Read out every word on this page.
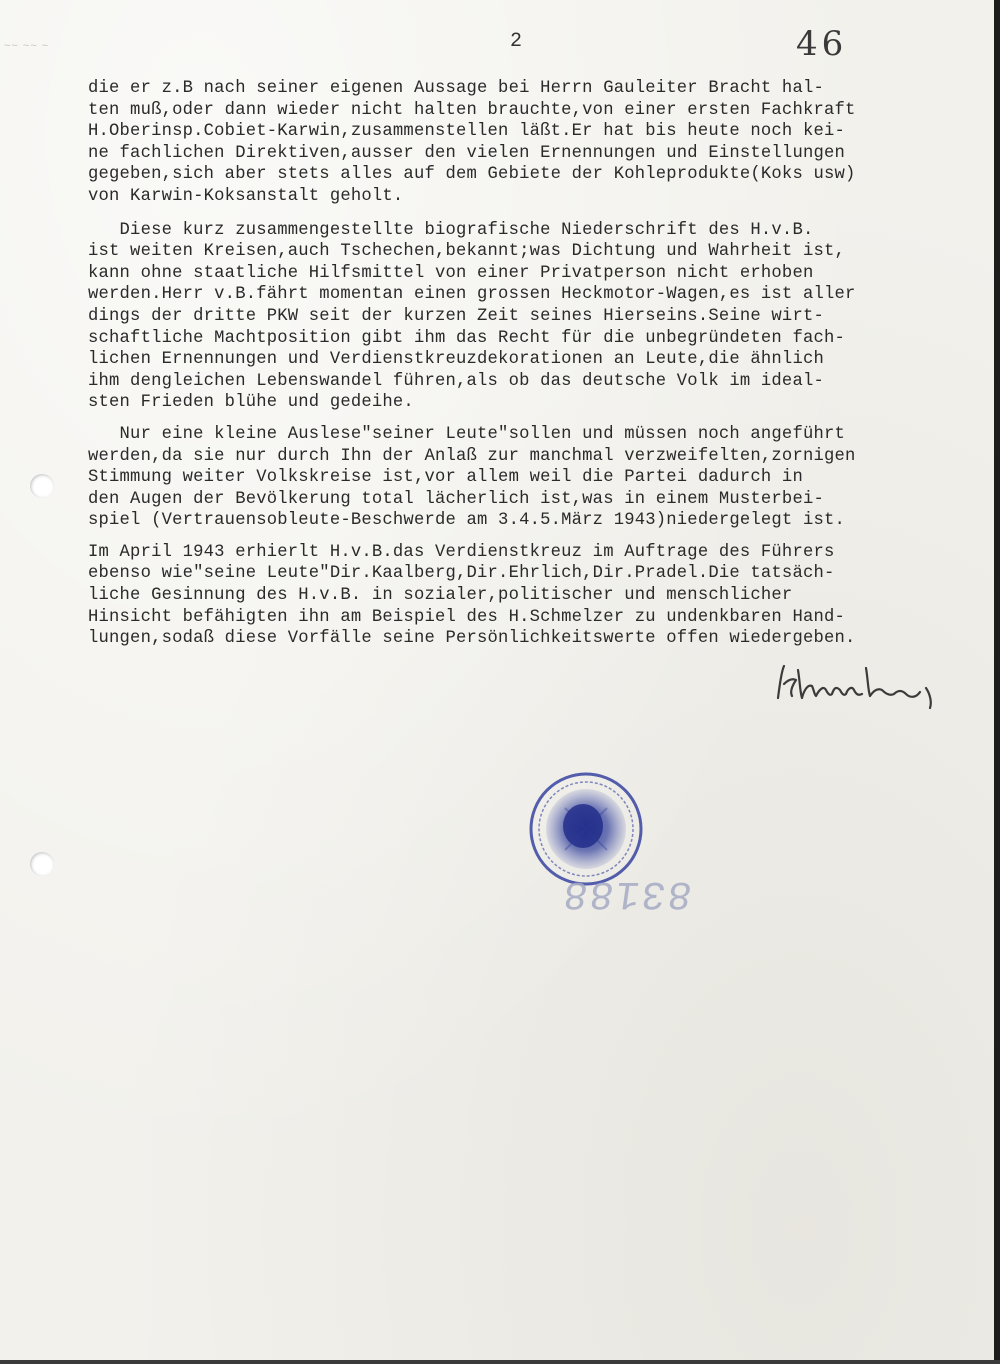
~~ ~~ ~	2	46
die er z.B nach seiner eigenen Aussage bei Herrn Gauleiter Bracht hal-
ten muß,oder dann wieder nicht halten brauchte,von einer ersten Fachkraft
H.Oberinsp.Cobiet-Karwin,zusammenstellen läßt.Er hat bis heute noch kei-
ne fachlichen Direktiven,ausser den vielen Ernennungen und Einstellungen
gegeben,sich aber stets alles auf dem Gebiete der Kohleprodukte(Koks usw)
von Karwin-Koksanstalt geholt.
Diese kurz zusammengestellte biografische Niederschrift des H.v.B.
ist weiten Kreisen,auch Tschechen,bekannt;was Dichtung und Wahrheit ist,
kann ohne staatliche Hilfsmittel von einer Privatperson nicht erhoben
werden.Herr v.B.fährt momentan einen grossen Heckmotor-Wagen,es ist aller
dings der dritte PKW seit der kurzen Zeit seines Hierseins.Seine wirt-
schaftliche Machtposition gibt ihm das Recht für die unbegründeten fach-
lichen Ernennungen und Verdienstkreuzdekorationen an Leute,die ähnlich
ihm dengleichen Lebenswandel führen,als ob das deutsche Volk im ideal-
sten Frieden blühe und gedeihe.
Nur eine kleine Auslese"seiner Leute"sollen und müssen noch angeführt
werden,da sie nur durch Ihn der Anlaß zur manchmal verzweifelten,zornigen
Stimmung weiter Volkskreise ist,vor allem weil die Partei dadurch in
den Augen der Bevölkerung total lächerlich ist,was in einem Musterbei-
spiel (Vertrauensobleute-Beschwerde am 3.4.5.März 1943)niedergelegt ist.
Im April 1943 erhierlt H.v.B.das Verdienstkreuz im Auftrage des Führers
ebenso wie"seine Leute"Dir.Kaalberg,Dir.Ehrlich,Dir.Pradel.Die tatsäch-
liche Gesinnung des H.v.B. in sozialer,politischer und menschlicher
Hinsicht befähigten ihn am Beispiel des H.Schmelzer zu undenkbaren Hand-
lungen,sodaß diese Vorfälle seine Persönlichkeitswerte offen wiedergeben.
83188
